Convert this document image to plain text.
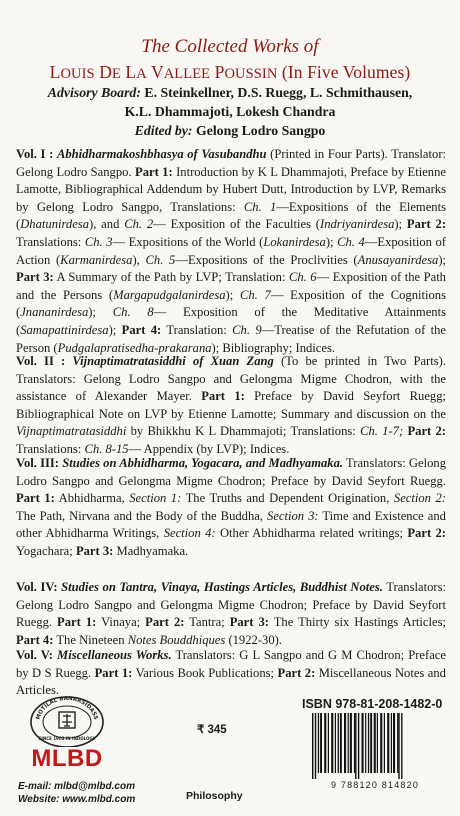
The Collected Works of
LOUIS DE LA VALLEE POUSSIN (In Five Volumes)
Advisory Board: E. Steinkellner, D.S. Ruegg, L. Schmithausen,
K.L. Dhammajoti, Lokesh Chandra
Edited by: Gelong Lodro Sangpo

Vol. I : Abhidharmakoshbhasya of Vasubandhu (Printed in Four Parts). Translator: Gelong Lodro Sangpo. Part 1: Introduction by K L Dhammajoti, Preface by Etienne Lamotte, Bibliographical Addendum by Hubert Dutt, Introduction by LVP, Remarks by Gelong Lodro Sangpo, Translations: Ch. 1—Expositions of the Elements (Dhatunirdesa), and Ch. 2— Exposition of the Faculties (Indriyanirdesa); Part 2: Translations: Ch. 3— Expositions of the World (Lokanirdesa); Ch. 4—Exposition of Action (Karmanirdesa), Ch. 5—Expositions of the Proclivities (Anusayanirdesa); Part 3: A Summary of the Path by LVP; Translation: Ch. 6— Exposition of the Path and the Persons (Margapudgalanirdesa); Ch. 7— Exposition of the Cognitions (Jnananirdesa); Ch. 8— Exposition of the Meditative Attainments (Samapattinirdesa); Part 4: Translation: Ch. 9—Treatise of the Refutation of the Person (Pudgalapratisedha-prakarana); Bibliography; Indices.

Vol. II : Vijnaptimatratasiddhi of Xuan Zang (To be printed in Two Parts). Translators: Gelong Lodro Sangpo and Gelongma Migme Chodron, with the assistance of Alexander Mayer. Part 1: Preface by David Seyfort Ruegg; Bibliographical Note on LVP by Etienne Lamotte; Summary and discussion on the Vijnaptimatratasiddhi by Bhikkhu K L Dhammajoti; Translations: Ch. 1-7; Part 2: Translations: Ch. 8-15— Appendix (by LVP); Indices.

Vol. III: Studies on Abhidharma, Yogacara, and Madhyamaka. Translators: Gelong Lodro Sangpo and Gelongma Migme Chodron; Preface by David Seyfort Ruegg. Part 1: Abhidharma, Section 1: The Truths and Dependent Origination, Section 2: The Path, Nirvana and the Body of the Buddha, Section 3: Time and Existence and other Abhidharma Writings, Section 4: Other Abhidharma related writings; Part 2: Yogachara; Part 3: Madhyamaka.

Vol. IV: Studies on Tantra, Vinaya, Hastings Articles, Buddhist Notes. Translators: Gelong Lodro Sangpo and Gelongma Migme Chodron; Preface by David Seyfort Ruegg. Part 1: Vinaya; Part 2: Tantra; Part 3: The Thirty six Hastings Articles; Part 4: The Nineteen Notes Bouddhiques (1922-30).

Vol. V: Miscellaneous Works. Translators: G L Sangpo and G M Chodron; Preface by D S Ruegg. Part 1: Various Book Publications; Part 2: Miscellaneous Notes and Articles.

MOTILAL BANARSIDASS
SINCE 1903 IN INDOLOGY
MLBD
E-mail: mlbd@mlbd.com
Website: www.mlbd.com
₹ 345
Philosophy
ISBN 978-81-208-1482-0
9 788120 814820
